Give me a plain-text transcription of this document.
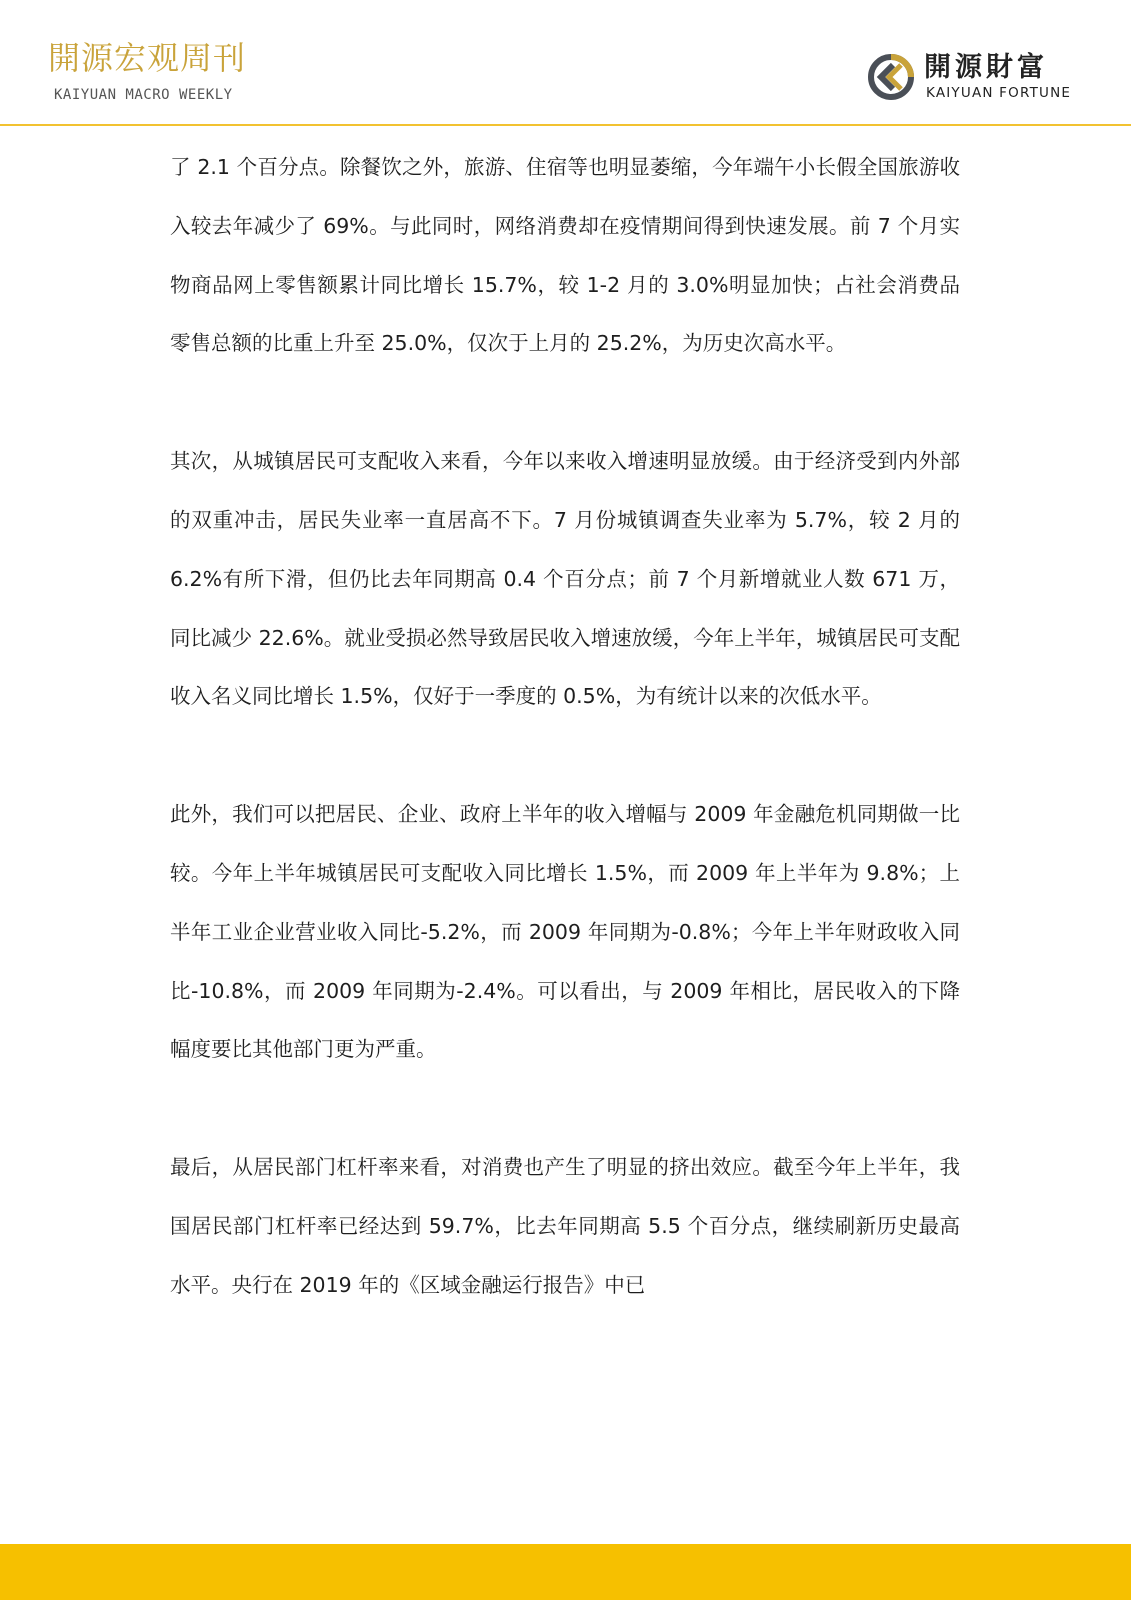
開源宏观周刊
KAIYUAN MACRO WEEKLY
開源財富
KAIYUAN FORTUNE

了 2.1 个百分点。除餐饮之外，旅游、住宿等也明显萎缩，今年端午小长假全国旅游收入较去年减少了 69%。与此同时，网络消费却在疫情期间得到快速发展。前 7 个月实物商品网上零售额累计同比增长 15.7%，较 1-2 月的 3.0%明显加快；占社会消费品零售总额的比重上升至 25.0%，仅次于上月的 25.2%，为历史次高水平。

其次，从城镇居民可支配收入来看，今年以来收入增速明显放缓。由于经济受到内外部的双重冲击，居民失业率一直居高不下。7 月份城镇调查失业率为 5.7%，较 2 月的 6.2%有所下滑，但仍比去年同期高 0.4 个百分点；前 7 个月新增就业人数 671 万，同比减少 22.6%。就业受损必然导致居民收入增速放缓，今年上半年，城镇居民可支配收入名义同比增长 1.5%，仅好于一季度的 0.5%，为有统计以来的次低水平。

此外，我们可以把居民、企业、政府上半年的收入增幅与 2009 年金融危机同期做一比较。今年上半年城镇居民可支配收入同比增长 1.5%，而 2009 年上半年为 9.8%；上半年工业企业营业收入同比-5.2%，而 2009 年同期为-0.8%；今年上半年财政收入同比-10.8%，而 2009 年同期为-2.4%。可以看出，与 2009 年相比，居民收入的下降幅度要比其他部门更为严重。

最后，从居民部门杠杆率来看，对消费也产生了明显的挤出效应。截至今年上半年，我国居民部门杠杆率已经达到 59.7%，比去年同期高 5.5 个百分点，继续刷新历史最高水平。央行在 2019 年的《区域金融运行报告》中已
